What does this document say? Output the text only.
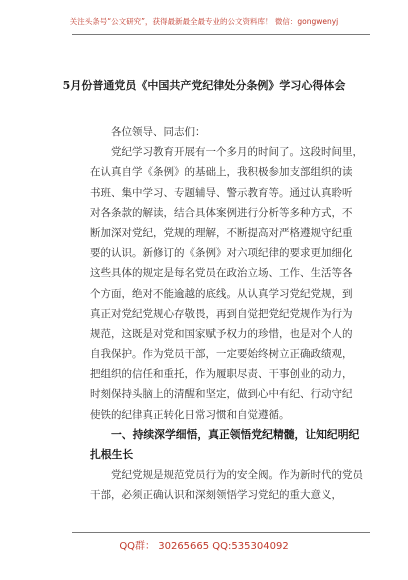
关注头条号“公文研究”，获得最新最全最专业的公文资料库！ 微信：gongwenyj
5月份普通党员《中国共产党纪律处分条例》学习心得体会
各位领导、同志们：
党纪学习教育开展有一个多月的时间了。这段时间里，
在认真自学《条例》的基础上，我积极参加支部组织的读
书班、集中学习、专题辅导、警示教育等。通过认真聆听
对各条款的解读，结合具体案例进行分析等多种方式，不
断加深对党纪，党规的理解，不断提高对严格遵规守纪重
要的认识。新修订的《条例》对六项纪律的要求更加细化
这些具体的规定是每名党员在政治立场、工作、生活等各
个方面，绝对不能逾越的底线。从认真学习党纪党规，到
真正对党纪党规心存敬畏，再到自觉把党纪党规作为行为
规范，这既是对党和国家赋予权力的珍惜，也是对个人的
自我保护。作为党员干部，一定要始终树立正确政绩观，
把组织的信任和重托，作为履职尽责、干事创业的动力，
时刻保持头脑上的清醒和坚定，做到心中有纪、行动守纪
使铁的纪律真正转化日常习惯和自觉遵循。
一、持续深学细悟，真正领悟党纪精髓，让知纪明纪
扎根生长
党纪党规是规范党员行为的安全阀。作为新时代的党员
干部，必须正确认识和深刻领悟学习党纪的重大意义，
QQ群： 30265665 QQ:535304092
